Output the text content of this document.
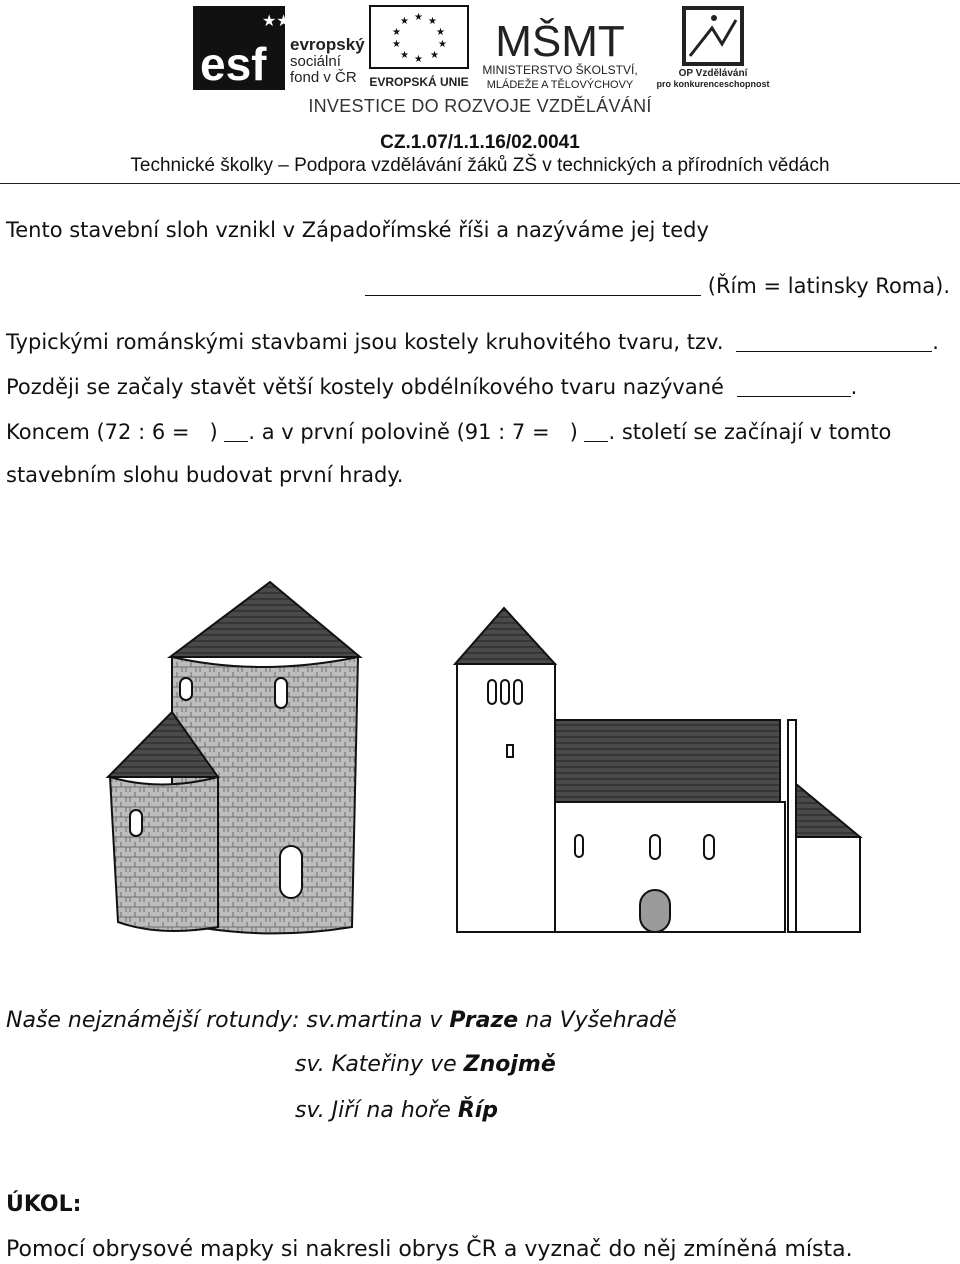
esf
★★
evropský
sociální
fond v ČR
★ ★
★
★
★
★
★
★
★
★
EVROPSKÁ UNIE
MŠMT
MINISTERSTVO ŠKOLSTVÍ,
MLÁDEŽE A TĚLOVÝCHOVY
OP Vzdělávání
pro konkurenceschopnost
INVESTICE DO ROZVOJE VZDĚLÁVÁNÍ
CZ.1.07/1.1.16/02.0041
Technické školky – Podpora vzdělávání žáků ZŠ v technických a přírodních vědách
Tento stavební sloh vznikl v Západořímské říši a nazýváme jej tedy
(Řím = latinsky Roma).
Typickými románskými stavbami jsou kostely kruhovitého tvaru, tzv.	.
Později se začaly stavět větší kostely obdélníkového tvaru nazývané	.
Koncem (72 : 6 =   ) . a v první polovině (91 : 7 =   ) . století se začínají v tomto
stavebním slohu budovat první hrady.
Naše nejznámější rotundy: sv.martina v Praze na Vyšehradě
sv. Kateřiny ve Znojmě
sv. Jiří na hoře Říp
ÚKOL:
Pomocí obrysové mapky si nakresli obrys ČR a vyznač do něj zmíněná místa.
